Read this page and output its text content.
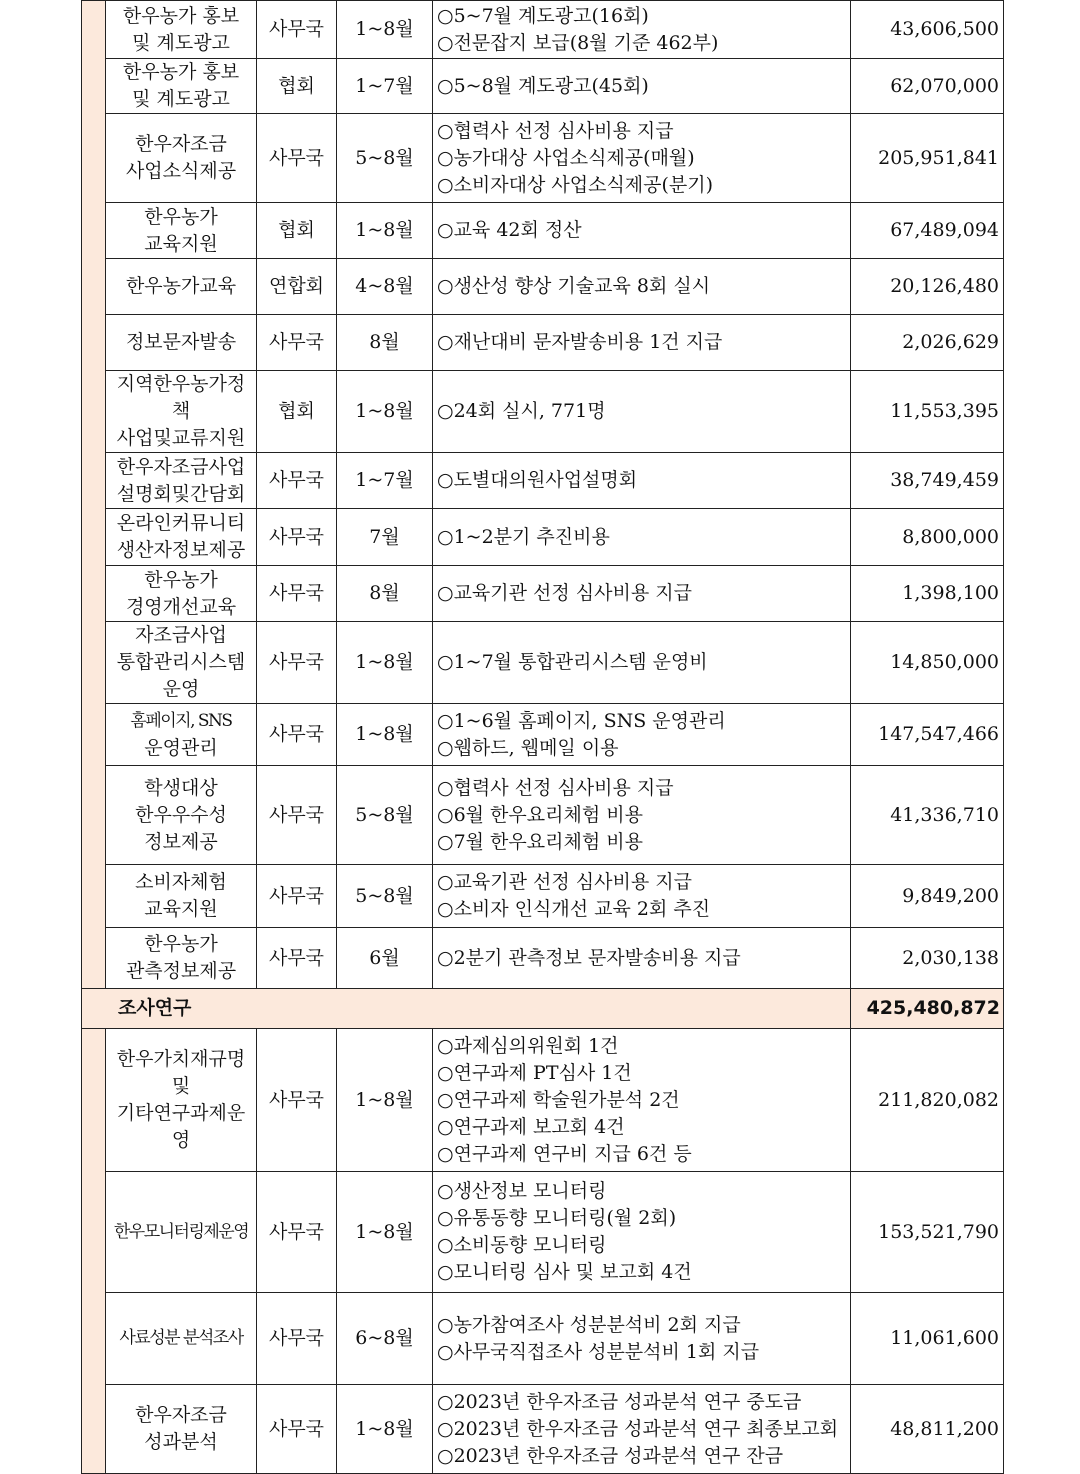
	한우농가 홍보
및 계도광고	사무국	1~8월	○5~7월 계도광고(16회)
○전문잡지 보급(8월 기준 462부)	43,606,500

	한우농가 홍보
및 계도광고	협회	1~7월	○5~8월 계도광고(45회)	62,070,000

	한우자조금
사업소식제공	사무국	5~8월	○협력사 선정 심사비용 지급
○농가대상 사업소식제공(매월)
○소비자대상 사업소식제공(분기)	205,951,841

	한우농가
교육지원	협회	1~8월	○교육 42회 정산	67,489,094

	한우농가교육	연합회	4~8월	○생산성 향상 기술교육 8회 실시	20,126,480

	정보문자발송	사무국	8월	○재난대비 문자발송비용 1건 지급	2,026,629

	지역한우농가정책
사업및교류지원	협회	1~8월	○24회 실시, 771명	11,553,395

	한우자조금사업
설명회및간담회	사무국	1~7월	○도별대의원사업설명회	38,749,459

	온라인커뮤니티
생산자정보제공	사무국	7월	○1~2분기 추진비용	8,800,000

	한우농가
경영개선교육	사무국	8월	○교육기관 선정 심사비용 지급	1,398,100

	자조금사업
통합관리시스템
운영	사무국	1~8월	○1~7월 통합관리시스템 운영비	14,850,000

	홈페이지, SNS
운영관리	사무국	1~8월	○1~6월 홈페이지, SNS 운영관리
○웹하드, 웹메일 이용	147,547,466

	학생대상
한우우수성
정보제공	사무국	5~8월	○협력사 선정 심사비용 지급
○6월 한우요리체험 비용
○7월 한우요리체험 비용	41,336,710

	소비자체험
교육지원	사무국	5~8월	○교육기관 선정 심사비용 지급
○소비자 인식개선 교육 2회 추진	9,849,200

	한우농가
관측정보제공	사무국	6월	○2분기 관측정보 문자발송비용 지급	2,030,138
조사연구					425,480,872

	한우가치재규명및
기타연구과제운영	사무국	1~8월	○과제심의위원회 1건
○연구과제 PT심사 1건
○연구과제 학술원가분석 2건
○연구과제 보고회 4건
○연구과제 연구비 지급 6건 등	211,820,082

	한우모니터링제운영	사무국	1~8월	○생산정보 모니터링
○유통동향 모니터링(월 2회)
○소비동향 모니터링
○모니터링 심사 및 보고회 4건	153,521,790

	사료성분 분석조사	사무국	6~8월	○농가참여조사 성분분석비 2회 지급
○사무국직접조사 성분분석비 1회 지급	11,061,600

	한우자조금
성과분석	사무국	1~8월	○2023년 한우자조금 성과분석 연구 중도금
○2023년 한우자조금 성과분석 연구 최종보고회
○2023년 한우자조금 성과분석 연구 잔금	48,811,200
